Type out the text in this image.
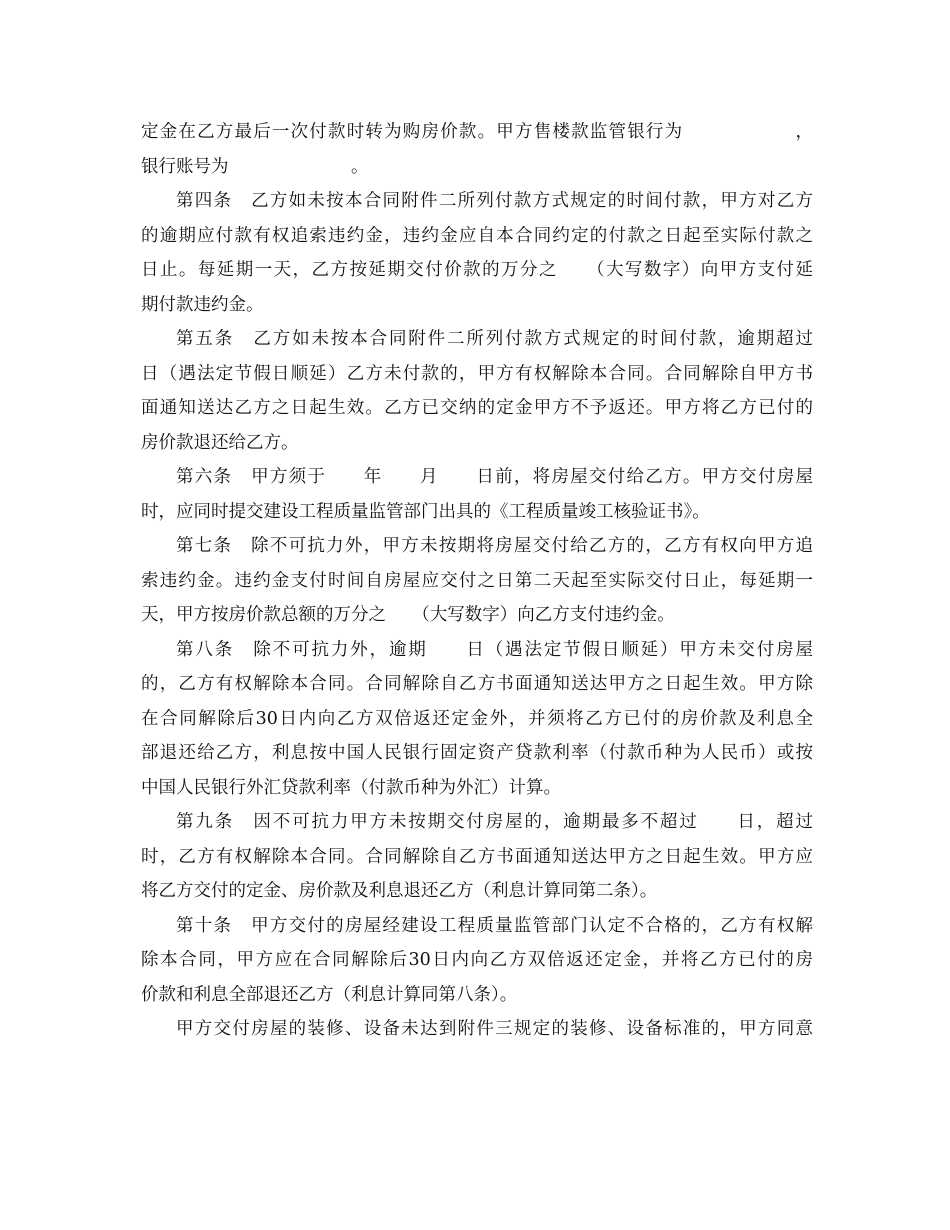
定金在乙方最后一次付款时转为购房价款。甲方售楼款监管银行为　　　　　　，
银行账号为　　　　　　　。
第四条　乙方如未按本合同附件二所列付款方式规定的时间付款，甲方对乙方
的逾期应付款有权追索违约金，违约金应自本合同约定的付款之日起至实际付款之
日止。每延期一天，乙方按延期交付价款的万分之　　（大写数字）向甲方支付延
期付款违约金。
第五条　乙方如未按本合同附件二所列付款方式规定的时间付款，逾期超过
日（遇法定节假日顺延）乙方未付款的，甲方有权解除本合同。合同解除自甲方书
面通知送达乙方之日起生效。乙方已交纳的定金甲方不予返还。甲方将乙方已付的
房价款退还给乙方。
第六条　甲方须于　　年　　月　　日前，将房屋交付给乙方。甲方交付房屋
时，应同时提交建设工程质量监管部门出具的《工程质量竣工核验证书》。
第七条　除不可抗力外，甲方未按期将房屋交付给乙方的，乙方有权向甲方追
索违约金。违约金支付时间自房屋应交付之日第二天起至实际交付日止，每延期一
天，甲方按房价款总额的万分之　　（大写数字）向乙方支付违约金。
第八条　除不可抗力外，逾期　　日（遇法定节假日顺延）甲方未交付房屋
的，乙方有权解除本合同。合同解除自乙方书面通知送达甲方之日起生效。甲方除
在合同解除后30日内向乙方双倍返还定金外，并须将乙方已付的房价款及利息全
部退还给乙方，利息按中国人民银行固定资产贷款利率（付款币种为人民币）或按
中国人民银行外汇贷款利率（付款币种为外汇）计算。
第九条　因不可抗力甲方未按期交付房屋的，逾期最多不超过　　日，超过
时，乙方有权解除本合同。合同解除自乙方书面通知送达甲方之日起生效。甲方应
将乙方交付的定金、房价款及利息退还乙方（利息计算同第二条）。
第十条　甲方交付的房屋经建设工程质量监管部门认定不合格的，乙方有权解
除本合同，甲方应在合同解除后30日内向乙方双倍返还定金，并将乙方已付的房
价款和利息全部退还乙方（利息计算同第八条）。
甲方交付房屋的装修、设备未达到附件三规定的装修、设备标准的，甲方同意
